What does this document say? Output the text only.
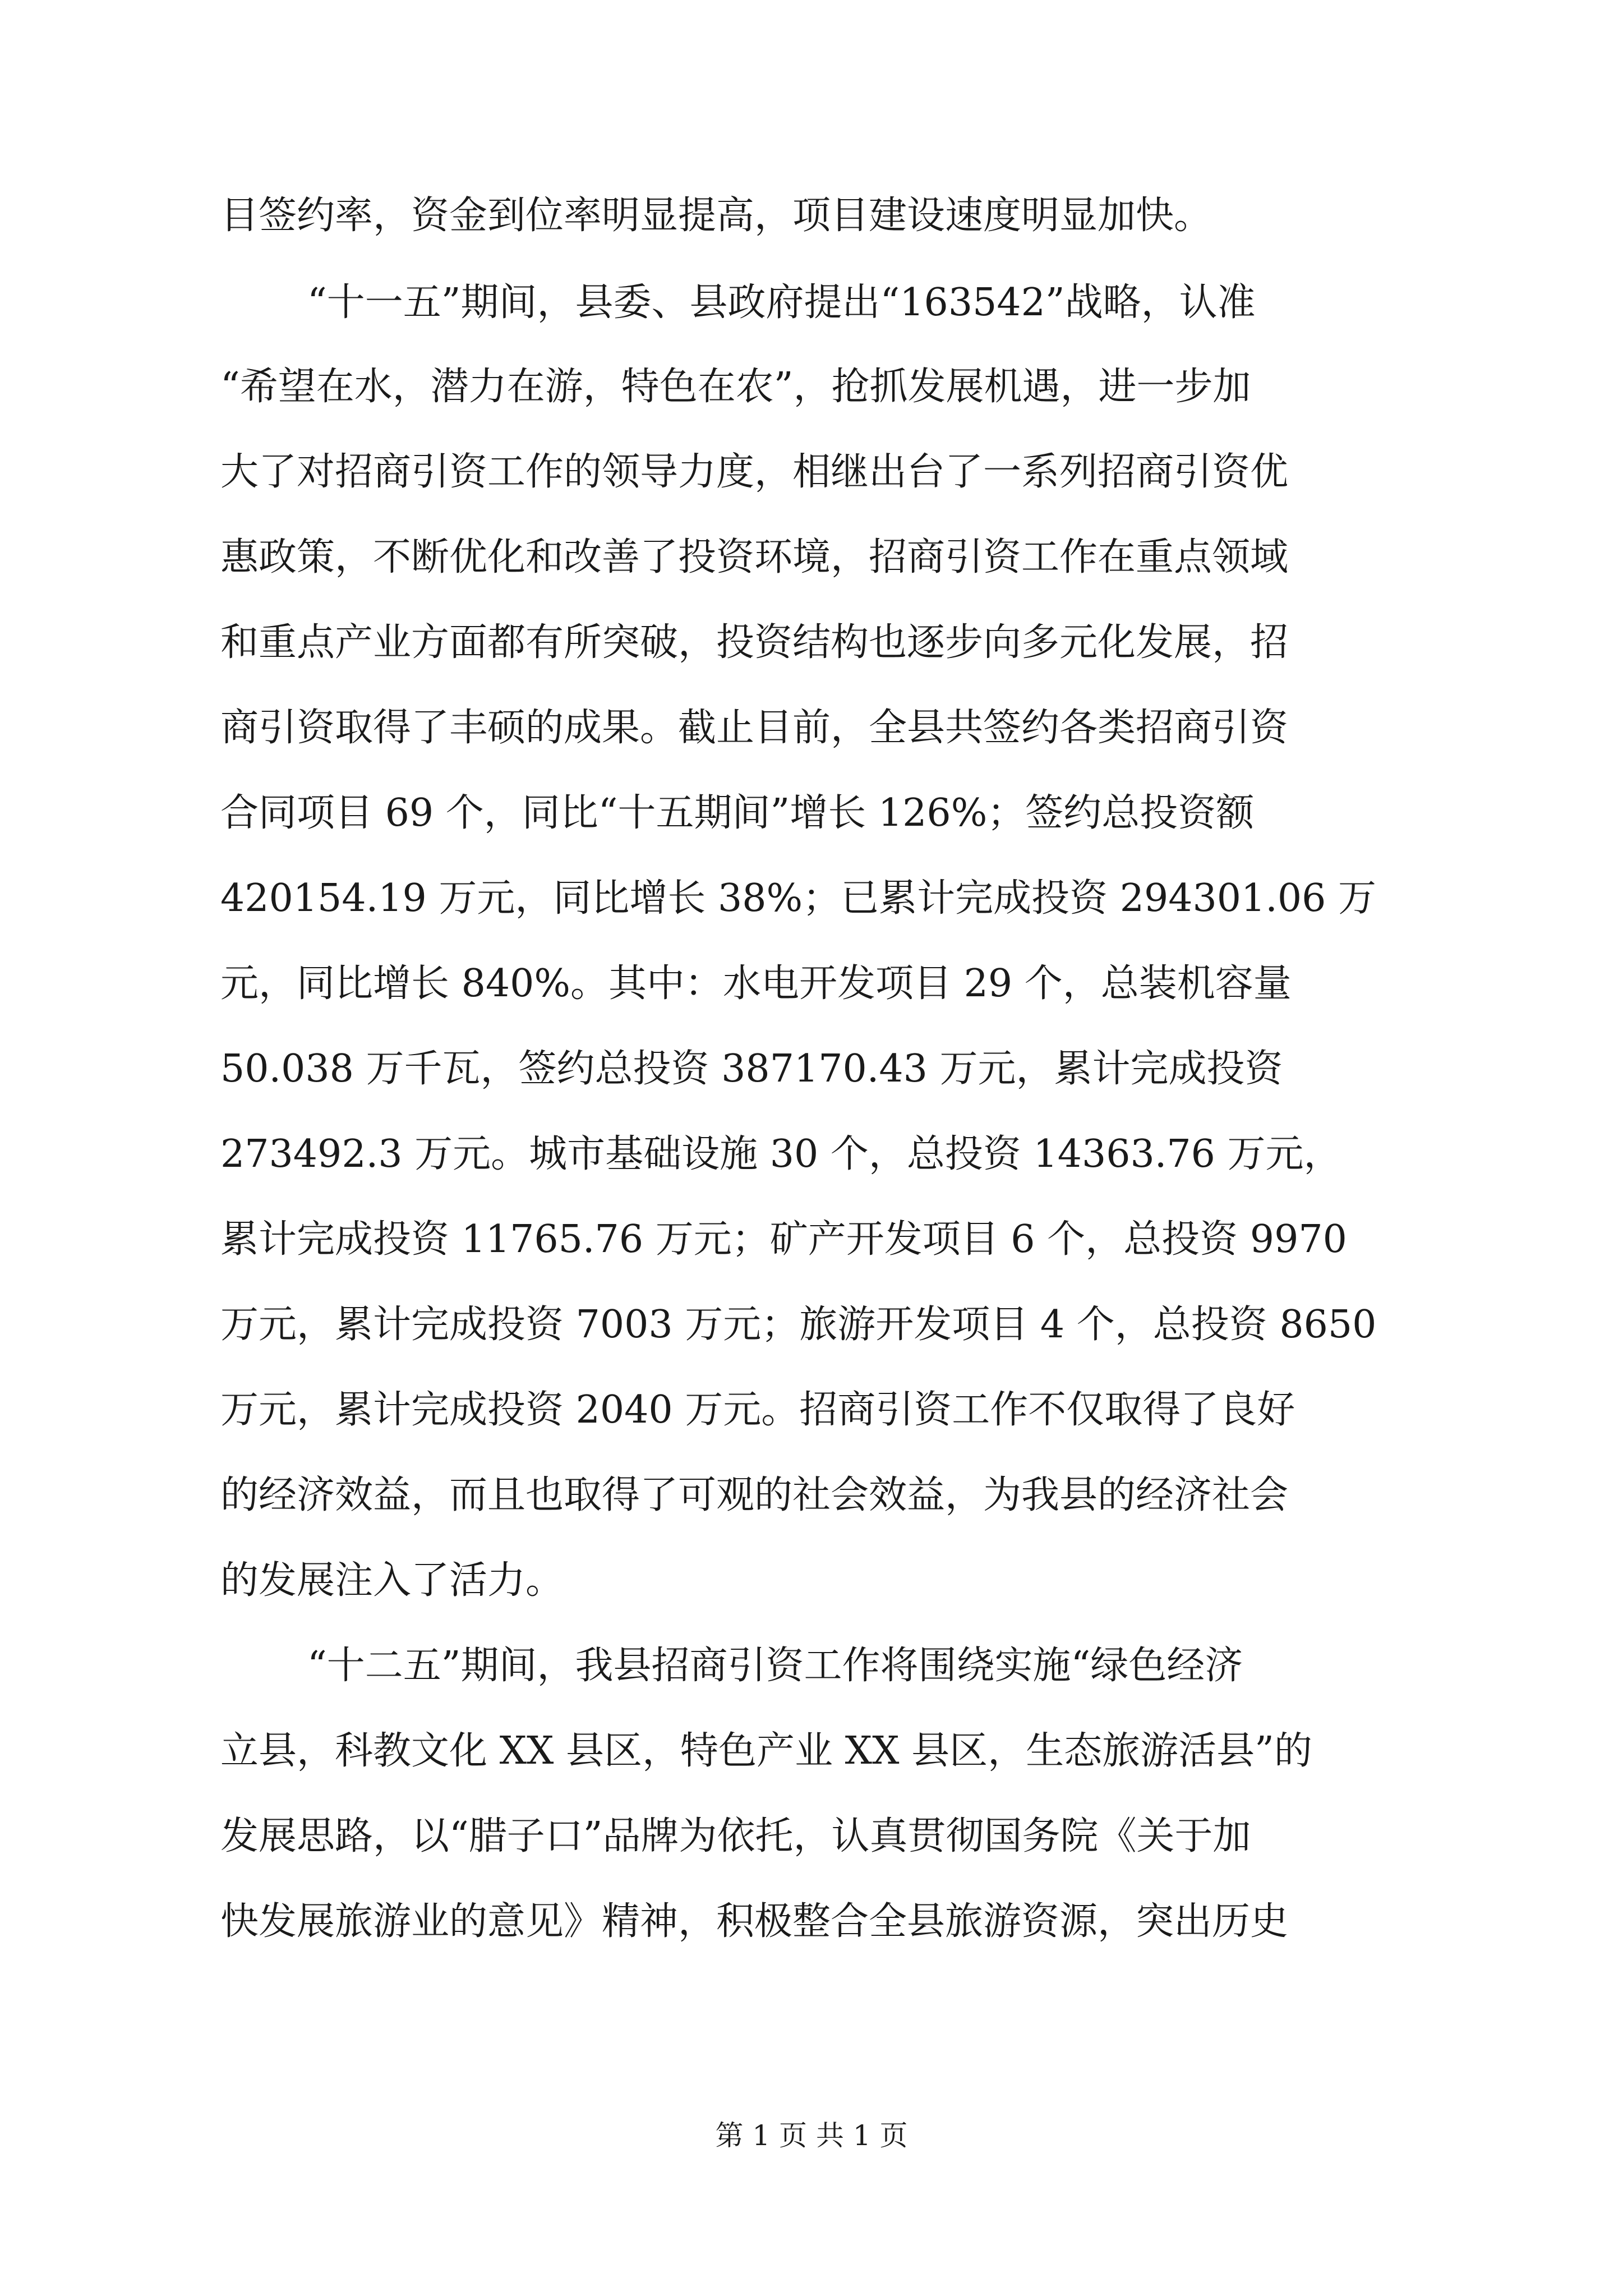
目签约率，资金到位率明显提高，项目建设速度明显加快。
“十一五”期间，县委、县政府提出“163542”战略，认准
“希望在水，潜力在游，特色在农”，抢抓发展机遇，进一步加
大了对招商引资工作的领导力度，相继出台了一系列招商引资优
惠政策，不断优化和改善了投资环境，招商引资工作在重点领域
和重点产业方面都有所突破，投资结构也逐步向多元化发展，招
商引资取得了丰硕的成果。截止目前，全县共签约各类招商引资
合同项目 69 个，同比“十五期间”增长 126%；签约总投资额
420154.19 万元，同比增长 38%；已累计完成投资 294301.06 万
元，同比增长 840%。其中：水电开发项目 29 个，总装机容量
50.038 万千瓦，签约总投资 387170.43 万元，累计完成投资
273492.3 万元。城市基础设施 30 个，总投资 14363.76 万元，
累计完成投资 11765.76 万元；矿产开发项目 6 个，总投资 9970
万元，累计完成投资 7003 万元；旅游开发项目 4 个，总投资 8650
万元，累计完成投资 2040 万元。招商引资工作不仅取得了良好
的经济效益，而且也取得了可观的社会效益，为我县的经济社会
的发展注入了活力。
“十二五”期间，我县招商引资工作将围绕实施“绿色经济
立县，科教文化 XX 县区，特色产业 XX 县区，生态旅游活县”的
发展思路，以“腊子口”品牌为依托，认真贯彻国务院《关于加
快发展旅游业的意见》精神，积极整合全县旅游资源，突出历史
第 1 页 共 1 页
